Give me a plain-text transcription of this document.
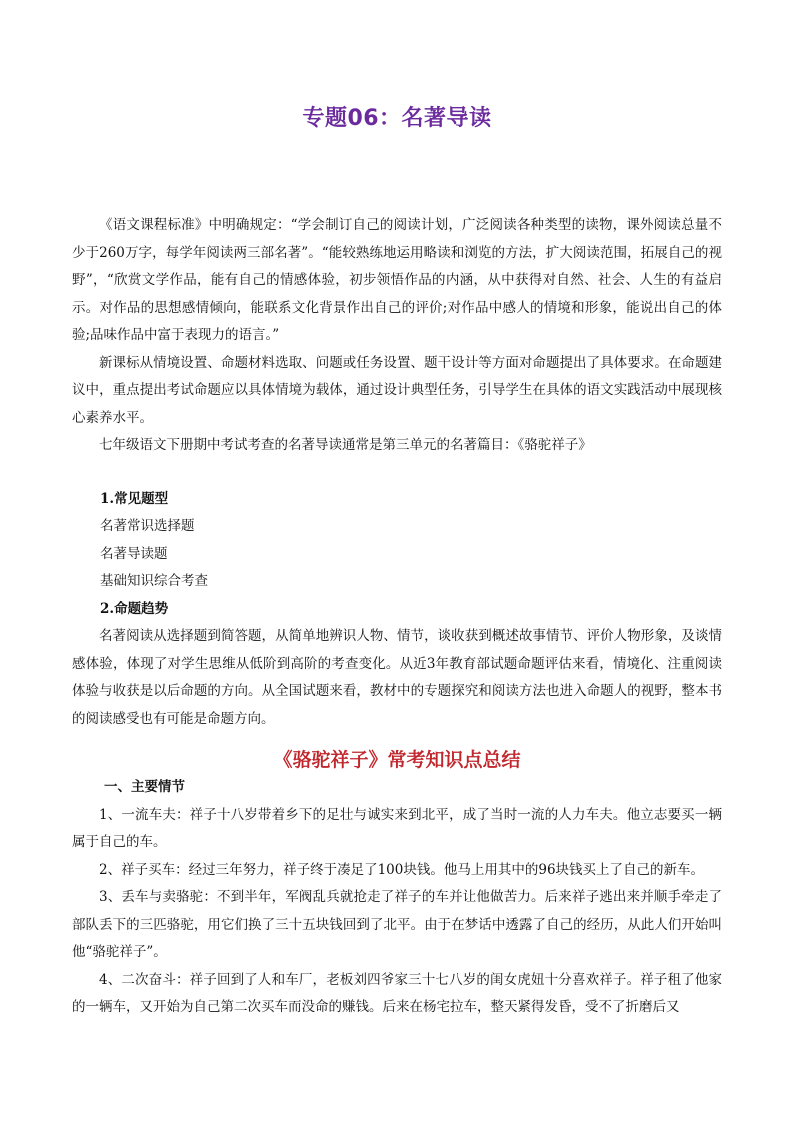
专题06：名著导读

《语文课程标准》中明确规定：“学会制订自己的阅读计划，广泛阅读各种类型的读物，课外阅读总量不少于260万字，每学年阅读两三部名著”。“能较熟练地运用略读和浏览的方法，扩大阅读范围，拓展自己的视野”，“欣赏文学作品，能有自己的情感体验，初步领悟作品的内涵，从中获得对自然、社会、人生的有益启示。对作品的思想感情倾向，能联系文化背景作出自己的评价;对作品中感人的情境和形象，能说出自己的体验;品味作品中富于表现力的语言。”

新课标从情境设置、命题材料选取、问题或任务设置、题干设计等方面对命题提出了具体要求。在命题建议中，重点提出考试命题应以具体情境为载体，通过设计典型任务，引导学生在具体的语文实践活动中展现核心素养水平。

七年级语文下册期中考试考查的名著导读通常是第三单元的名著篇目：《骆驼祥子》

1.常见题型

名著常识选择题

名著导读题

基础知识综合考查

2.命题趋势

名著阅读从选择题到简答题，从简单地辨识人物、情节，谈收获到概述故事情节、评价人物形象，及谈情感体验，体现了对学生思维从低阶到高阶的考查变化。从近3年教育部试题命题评估来看，情境化、注重阅读体验与收获是以后命题的方向。从全国试题来看，教材中的专题探究和阅读方法也进入命题人的视野，整本书的阅读感受也有可能是命题方向。

《骆驼祥子》常考知识点总结

一、主要情节

1、一流车夫：祥子十八岁带着乡下的足壮与诚实来到北平，成了当时一流的人力车夫。他立志要买一辆属于自己的车。

2、祥子买车：经过三年努力，祥子终于凑足了100块钱。他马上用其中的96块钱买上了自己的新车。

3、丢车与卖骆驼：不到半年，军阀乱兵就抢走了祥子的车并让他做苦力。后来祥子逃出来并顺手牵走了部队丢下的三匹骆驼，用它们换了三十五块钱回到了北平。由于在梦话中透露了自己的经历，从此人们开始叫他“骆驼祥子”。

4、二次奋斗：祥子回到了人和车厂，老板刘四爷家三十七八岁的闺女虎妞十分喜欢祥子。祥子租了他家的一辆车，又开始为自己第二次买车而没命的赚钱。后来在杨宅拉车，整天紧得发昏，受不了折磨后又
